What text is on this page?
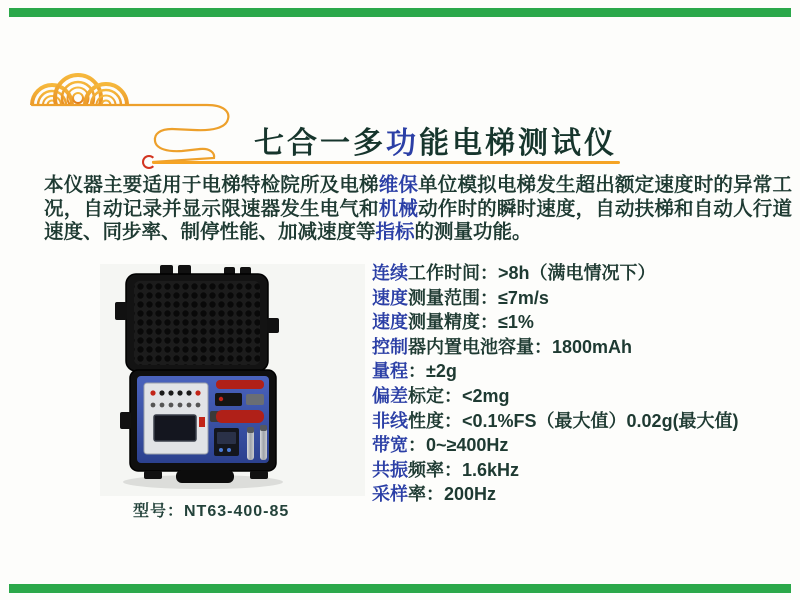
七合一多功能电梯测试仪
本仪器主要适用于电梯特检院所及电梯维保单位模拟电梯发生超出额定速度时的异常工况，自动记录并显示限速器发生电气和机械动作时的瞬时速度，自动扶梯和自动人行道速度、同步率、制停性能、加减速度等指标的测量功能。
型号：NT63-400-85
连续工作时间：>8h（满电情况下）
速度测量范围：≤7m/s
速度测量精度：≤1%
控制器内置电池容量：1800mAh
量程：±2g
偏差标定：<2mg
非线性度：<0.1%FS（最大值）0.02g(最大值)
带宽：0~≥400Hz
共振频率：1.6kHz
采样率：200Hz
